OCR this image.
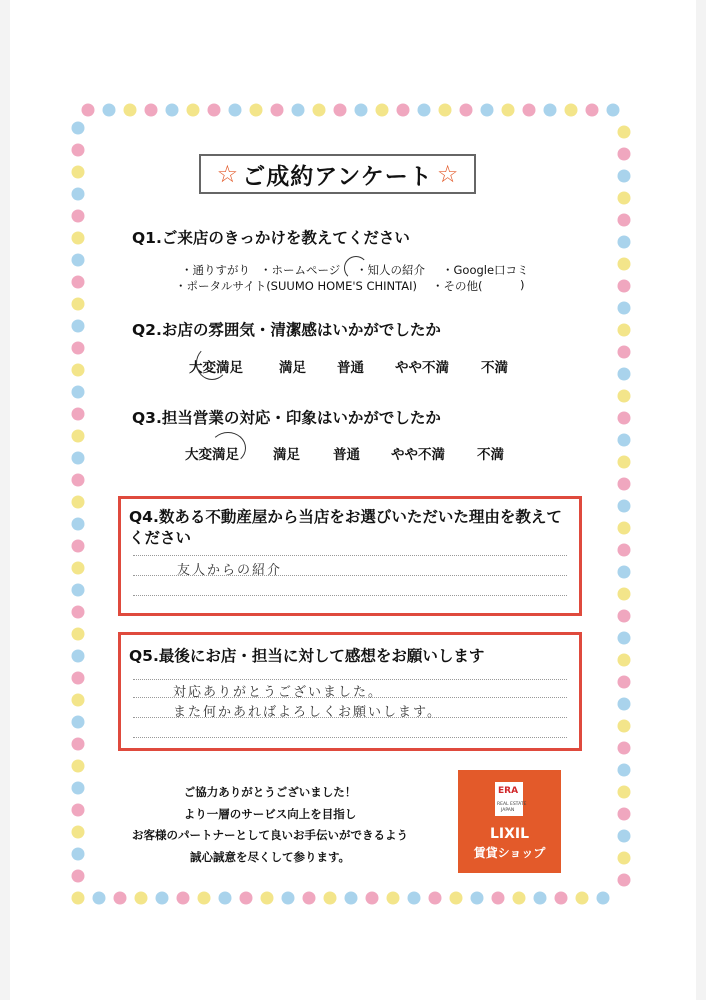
☆ ご成約アンケート ☆
Q1.ご来店のきっかけを教えてください
・通りすがり ・ホームページ ・知人の紹介 ・Google口コミ
・ポータルサイト(SUUMO HOME'S CHINTAI) ・その他(	)
Q2.お店の雰囲気・清潔感はいかがでしたか
大変満足	満足 普通 やや不満 不満
Q3.担当営業の対応・印象はいかがでしたか
大変満足	満足 普通 やや不満 不満
Q4.数ある不動産屋から当店をお選びいただいた理由を教えて
ください
友人からの紹介
Q5.最後にお店・担当に対して感想をお願いします
対応ありがとうございました。
また何かあればよろしくお願いします。
ご協力ありがとうございました！
より一層のサービス向上を目指し
お客様のパートナーとして良いお手伝いができるよう
誠心誠意を尽くして参ります。
ERA
REAL ESTATE
JAPAN
LIXIL
賃貸ショップ
